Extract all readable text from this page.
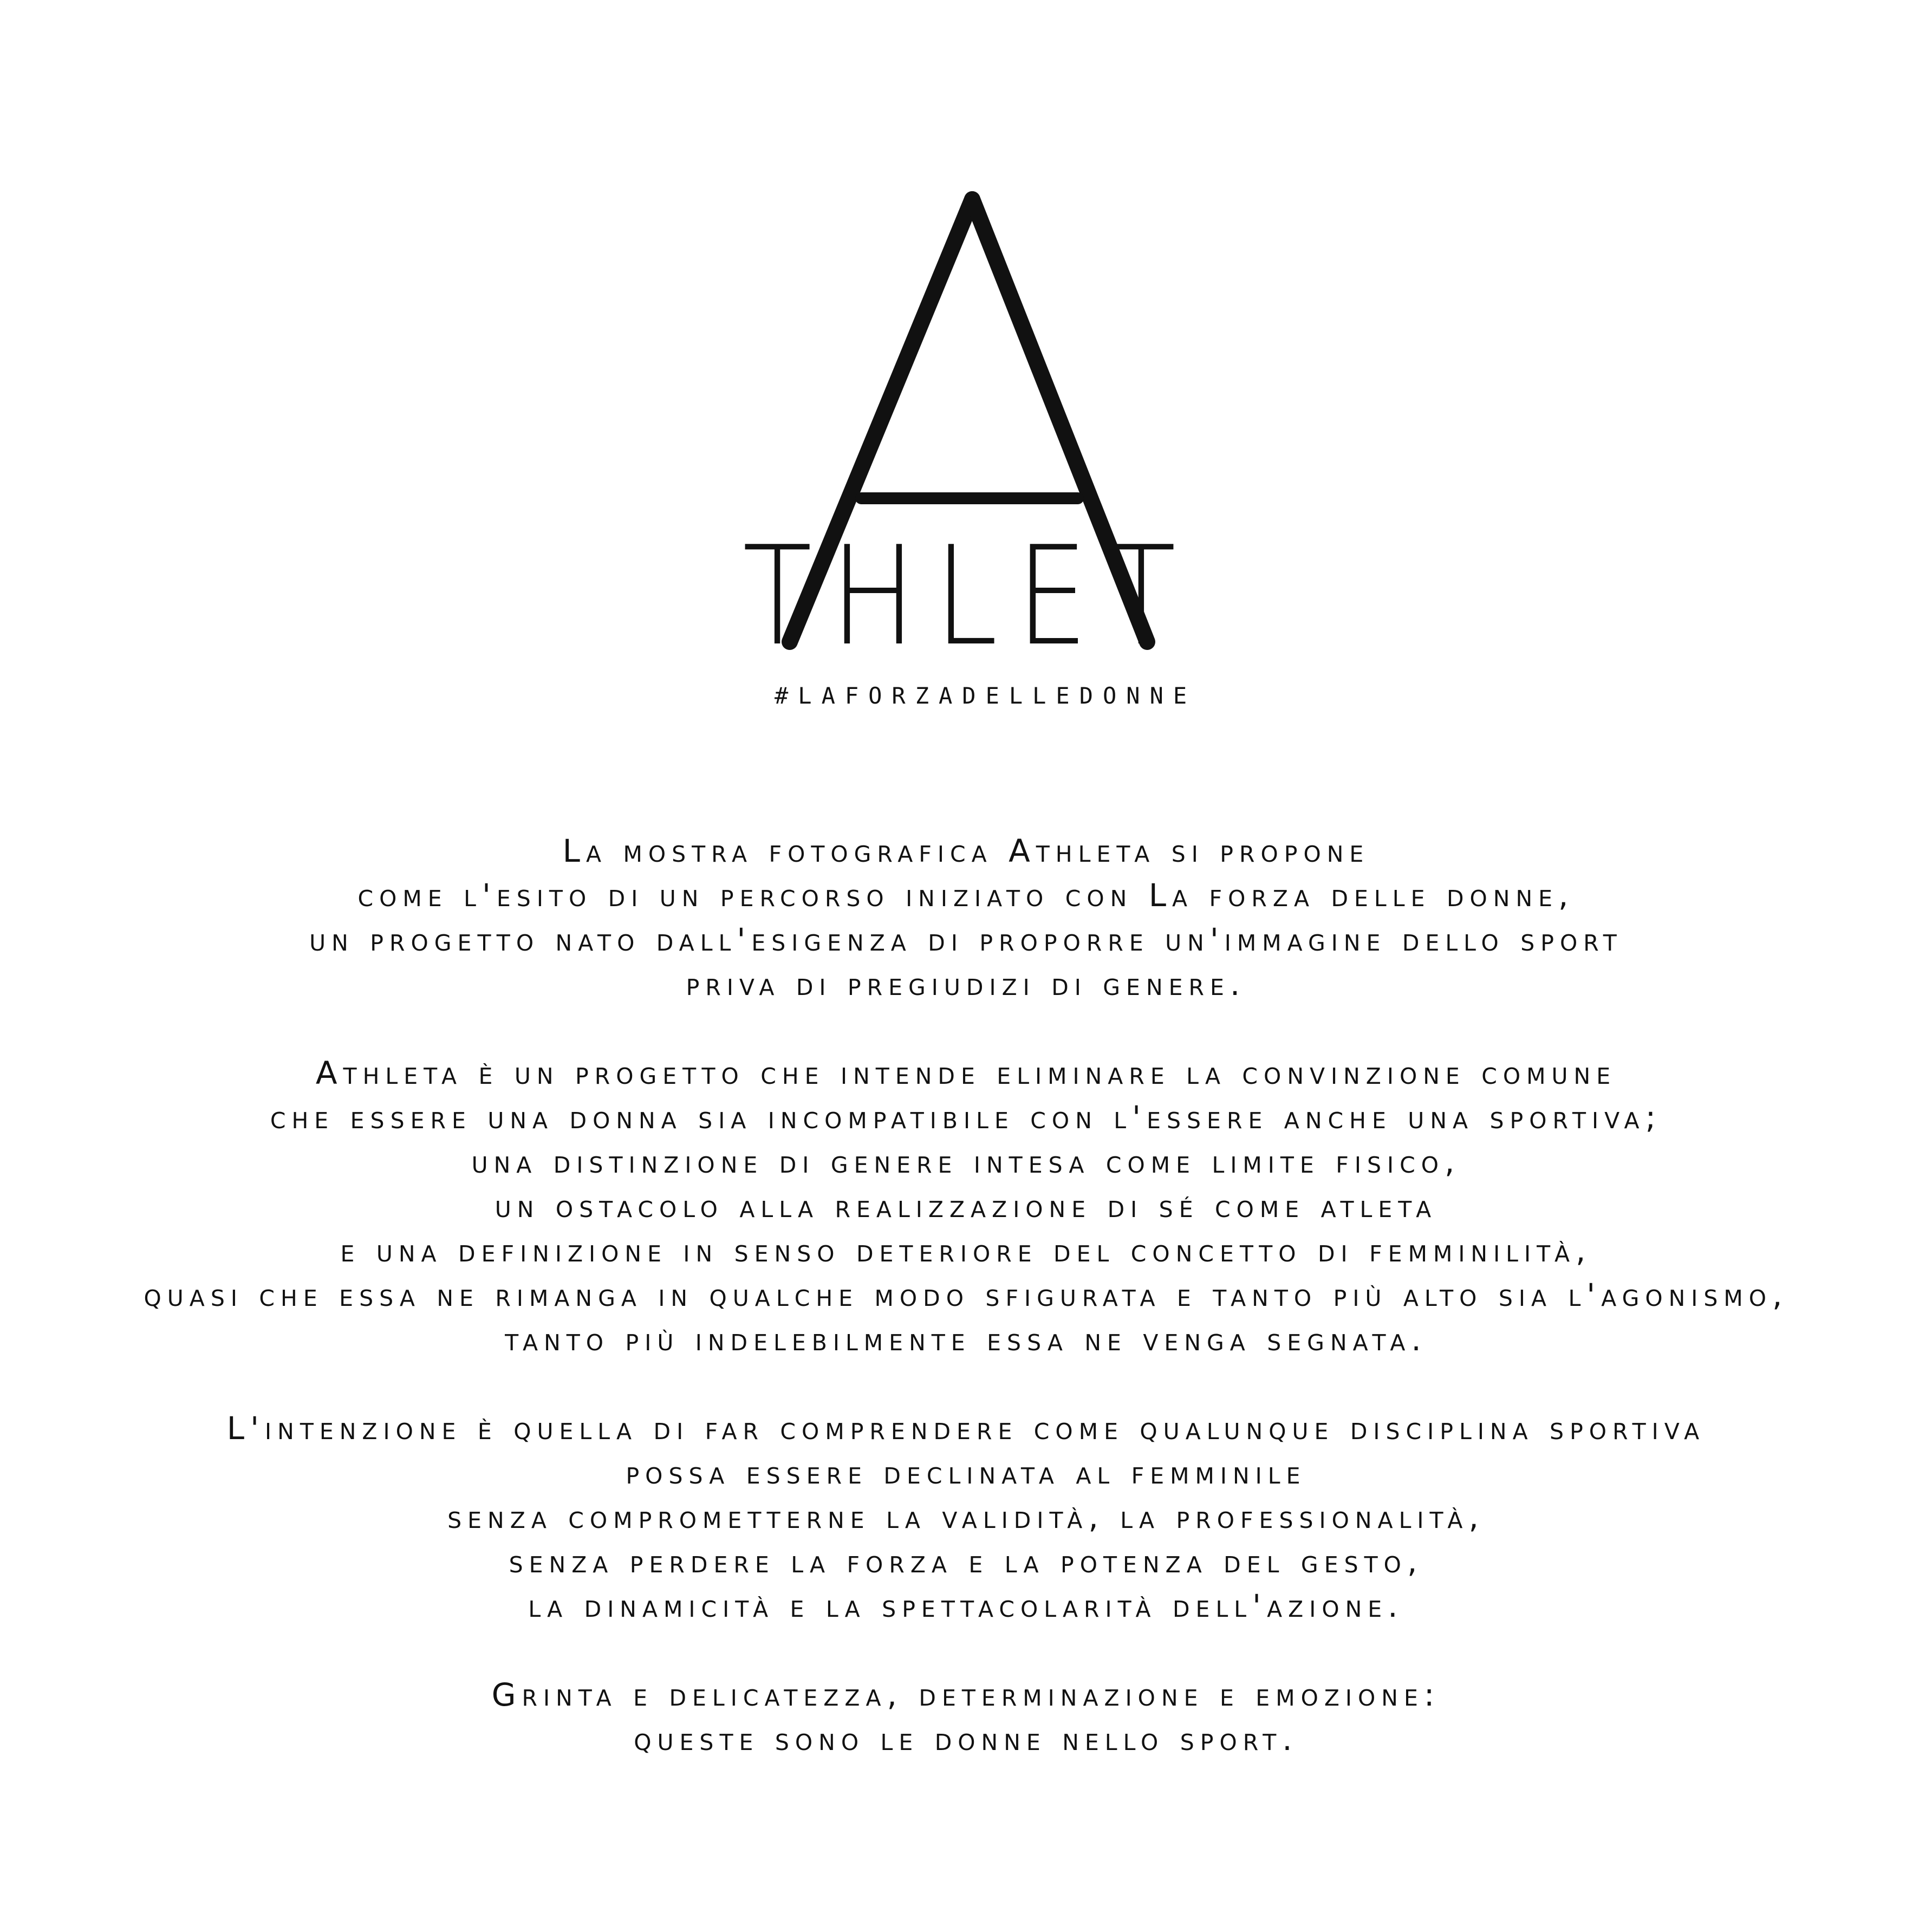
THLET
#LAFORZADELLEDONNE
La mostra fotografica Athleta si propone
come l'esito di un percorso iniziato con La forza delle donne,
un progetto nato dall'esigenza di proporre un'immagine dello sport
priva di pregiudizi di genere.
Athleta è un progetto che intende eliminare la convinzione comune
che essere una donna sia incompatibile con l'essere anche una sportiva;
una distinzione di genere intesa come limite fisico,
un ostacolo alla realizzazione di sé come atleta
e una definizione in senso deteriore del concetto di femminilità,
quasi che essa ne rimanga in qualche modo sfigurata e tanto più alto sia l'agonismo,
tanto più indelebilmente essa ne venga segnata.
L'intenzione è quella di far comprendere come qualunque disciplina sportiva
possa essere declinata al femminile
senza comprometterne la validità, la professionalità,
senza perdere la forza e la potenza del gesto,
la dinamicità e la spettacolarità dell'azione.
Grinta e delicatezza, determinazione e emozione:
queste sono le donne nello sport.
